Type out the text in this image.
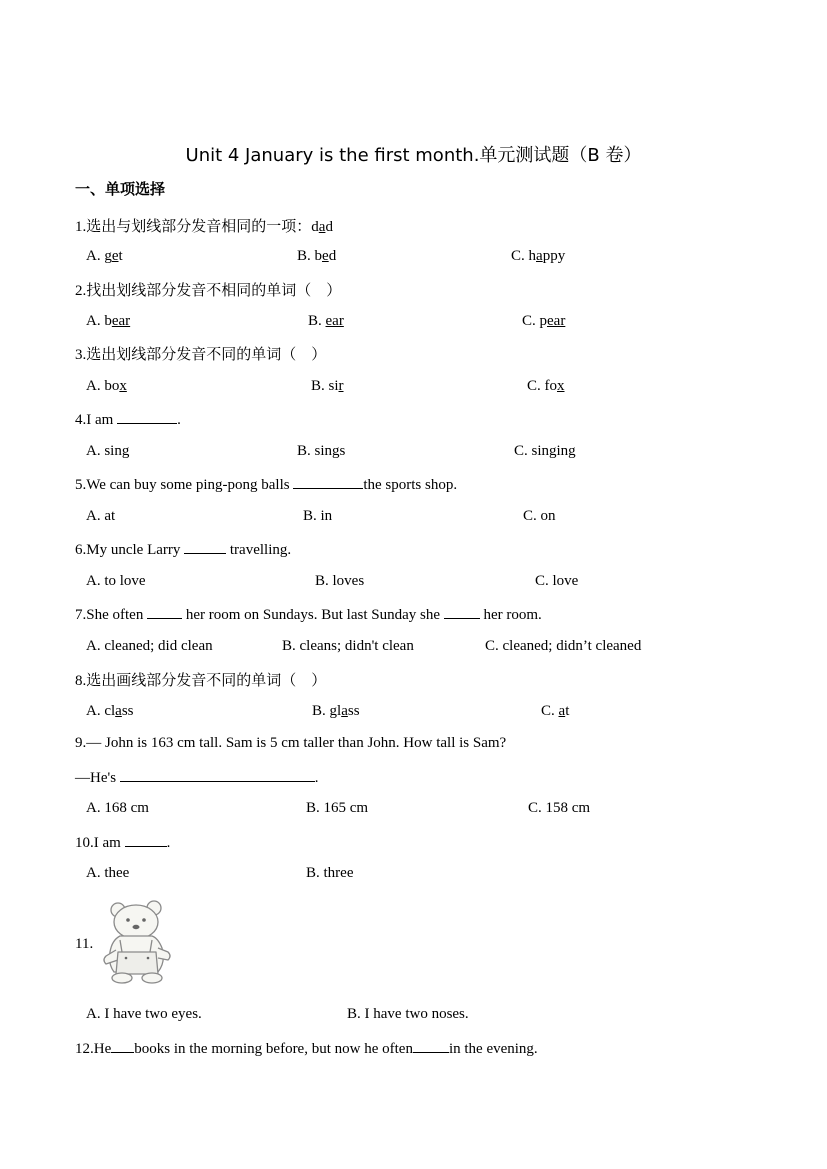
Unit 4 January is the first month.单元测试题（B 卷）
一、单项选择
1.选出与划线部分发音相同的一项：dad
A. get	B. bed	C. happy
2.找出划线部分发音不相同的单词（　）
A. bear	B. ear	C. pear
3.选出划线部分发音不同的单词（　）
A. box	B. sir	C. fox
4.I am	.
A. sing	B. sings	C. singing
5.We can buy some ping-pong balls	the sports shop.
A. at	B. in	C. on
6.My uncle Larry	travelling.
A. to love	B. loves	C. love
7.She often  her room on Sundays. But last Sunday she  her room.
A. cleaned; did clean	B. cleans; didn't clean	C. cleaned; didn’t cleaned
8.选出画线部分发音不同的单词（　）
A. class	B. glass	C. at
9.— John is 163 cm tall. Sam is 5 cm taller than John. How tall is Sam?
—He's	.
A. 168 cm	B. 165 cm	C. 158 cm
10.I am	.
A. thee	B. three
11.
A. I have two eyes.	B. I have two noses.
12.He books in the morning before, but now he often in the evening.
